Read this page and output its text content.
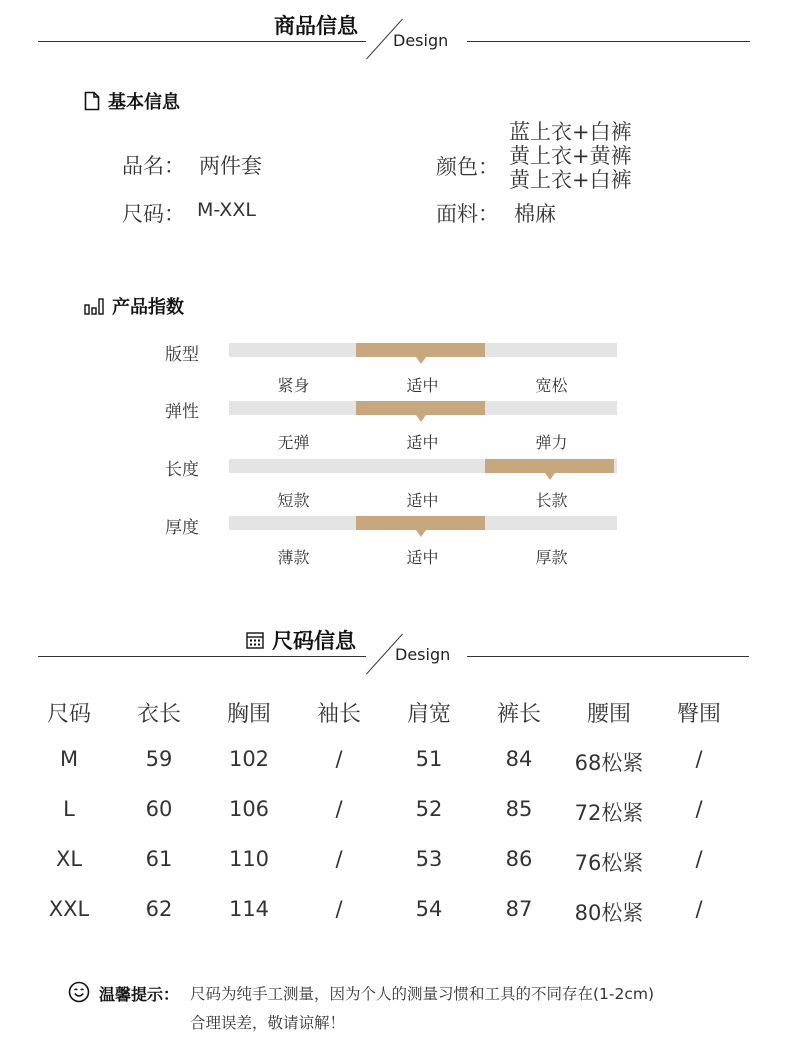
商品信息
Design
基本信息
品名： 两件套
尺码： M-XXL
颜色：
蓝上衣+白裤
黄上衣+黄裤
黄上衣+白裤
面料： 棉麻
产品指数
版型
紧身	适中	宽松
弹性
无弹	适中	弹力
长度
短款	适中	长款
厚度
薄款	适中	厚款
尺码信息
Design
尺码	衣长	胸围	袖长	肩宽	裤长	腰围	臀围
M	59	102	/	51	84	68松紧	/
L	60	106	/	52	85	72松紧	/
XL	61	110	/	53	86	76松紧	/
XXL	62	114	/	54	87	80松紧	/
温馨提示： 尺码为纯手工测量，因为个人的测量习惯和工具的不同存在(1-2cm)
合理误差，敬请谅解！
